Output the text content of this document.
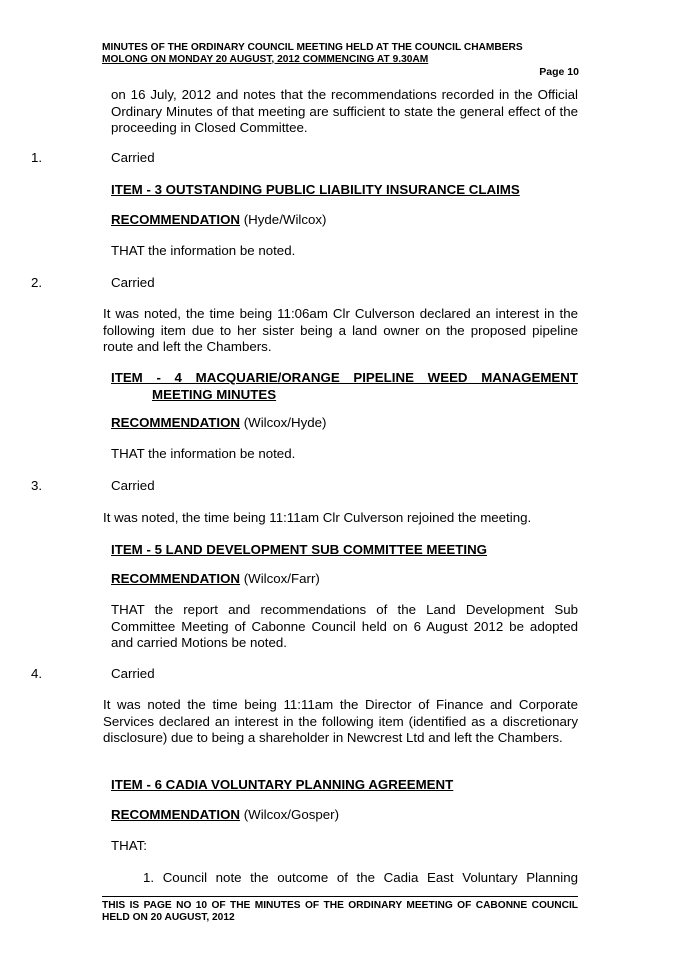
MINUTES OF THE ORDINARY COUNCIL MEETING HELD AT THE COUNCIL CHAMBERS
MOLONG ON MONDAY 20 AUGUST, 2012 COMMENCING AT 9.30AM
Page 10
on 16 July, 2012 and notes that the recommendations recorded in the Official Ordinary Minutes of that meeting are sufficient to state the general effect of the proceeding in Closed Committee.
1.	Carried
ITEM - 3 OUTSTANDING PUBLIC LIABILITY INSURANCE CLAIMS
RECOMMENDATION (Hyde/Wilcox)
THAT the information be noted.
2.	Carried
It was noted, the time being 11:06am Clr Culverson declared an interest in the following item due to her sister being a land owner on the proposed pipeline route and left the Chambers.
ITEM - 4 MACQUARIE/ORANGE PIPELINE WEED MANAGEMENT
MEETING MINUTES
RECOMMENDATION (Wilcox/Hyde)
THAT the information be noted.
3.	Carried
It was noted, the time being 11:11am Clr Culverson rejoined the meeting.
ITEM - 5 LAND DEVELOPMENT SUB COMMITTEE MEETING
RECOMMENDATION (Wilcox/Farr)
THAT the report and recommendations of the Land Development Sub Committee Meeting of Cabonne Council held on 6 August 2012 be adopted and carried Motions be noted.
4.	Carried
It was noted the time being 11:11am the Director of Finance and Corporate Services declared an interest in the following item (identified as a discretionary disclosure) due to being a shareholder in Newcrest Ltd and left the Chambers.
ITEM - 6 CADIA VOLUNTARY PLANNING AGREEMENT
RECOMMENDATION (Wilcox/Gosper)
THAT:
1. Council note the outcome of the Cadia East Voluntary Planning
THIS IS PAGE NO 10 OF THE MINUTES OF THE ORDINARY MEETING OF CABONNE COUNCIL HELD ON 20 AUGUST, 2012
